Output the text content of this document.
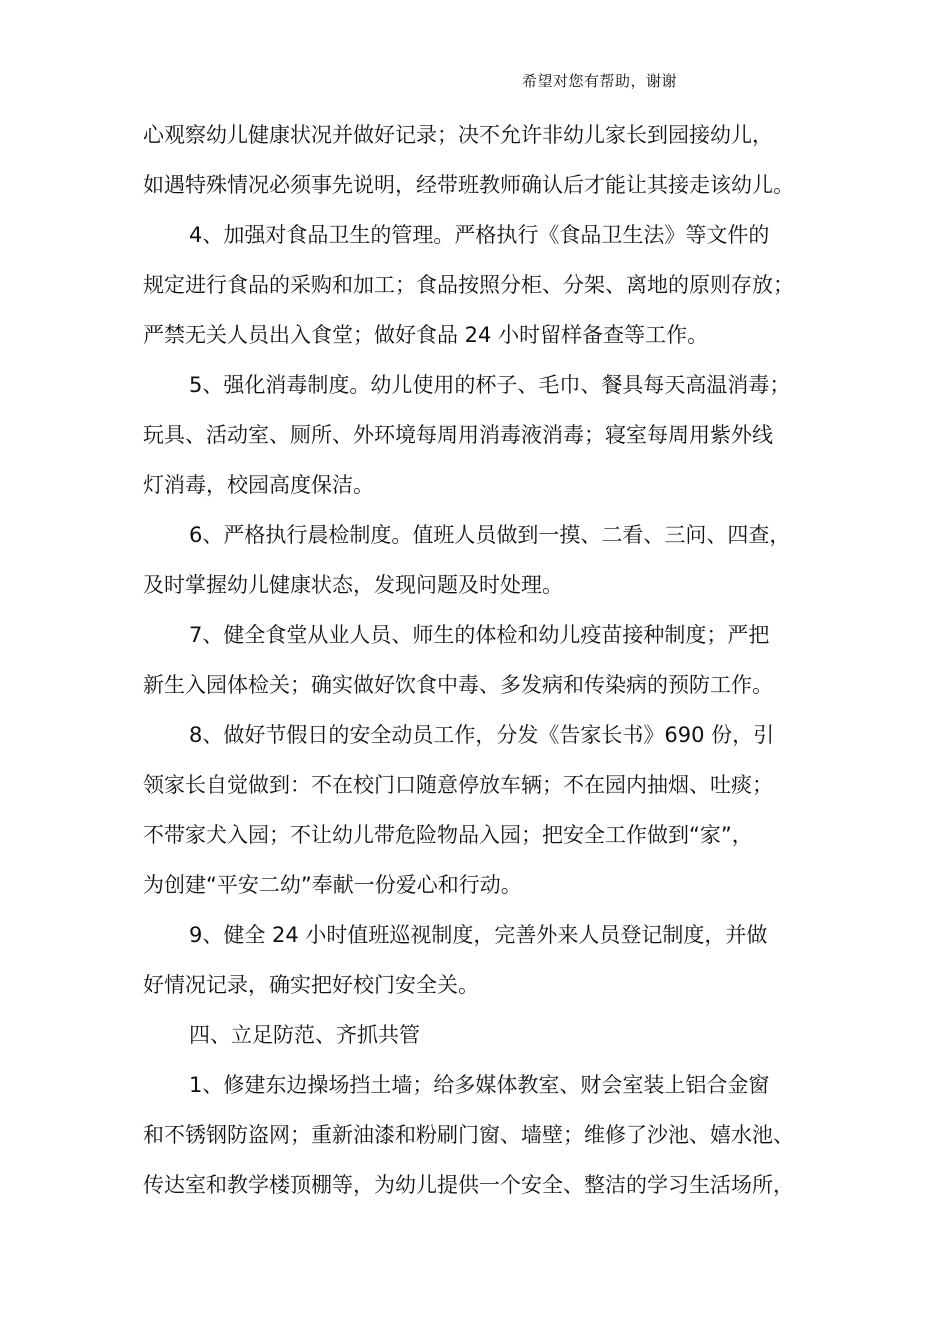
希望对您有帮助，谢谢
心观察幼儿健康状况并做好记录；决不允许非幼儿家长到园接幼儿，
如遇特殊情况必须事先说明，经带班教师确认后才能让其接走该幼儿。
4、加强对食品卫生的管理。严格执行《食品卫生法》等文件的
规定进行食品的采购和加工；食品按照分柜、分架、离地的原则存放；
严禁无关人员出入食堂；做好食品 24 小时留样备查等工作。
5、强化消毒制度。幼儿使用的杯子、毛巾、餐具每天高温消毒；
玩具、活动室、厕所、外环境每周用消毒液消毒；寝室每周用紫外线
灯消毒，校园高度保洁。
6、严格执行晨检制度。值班人员做到一摸、二看、三问、四查，
及时掌握幼儿健康状态，发现问题及时处理。
7、健全食堂从业人员、师生的体检和幼儿疫苗接种制度；严把
新生入园体检关；确实做好饮食中毒、多发病和传染病的预防工作。
8、做好节假日的安全动员工作，分发《告家长书》690 份，引
领家长自觉做到：不在校门口随意停放车辆；不在园内抽烟、吐痰；
不带家犬入园；不让幼儿带危险物品入园；把安全工作做到“家”，
为创建“平安二幼”奉献一份爱心和行动。
9、健全 24 小时值班巡视制度，完善外来人员登记制度，并做
好情况记录，确实把好校门安全关。
四、立足防范、齐抓共管
1、修建东边操场挡土墙；给多媒体教室、财会室装上铝合金窗
和不锈钢防盗网；重新油漆和粉刷门窗、墙壁；维修了沙池、嬉水池、
传达室和教学楼顶棚等，为幼儿提供一个安全、整洁的学习生活场所，
